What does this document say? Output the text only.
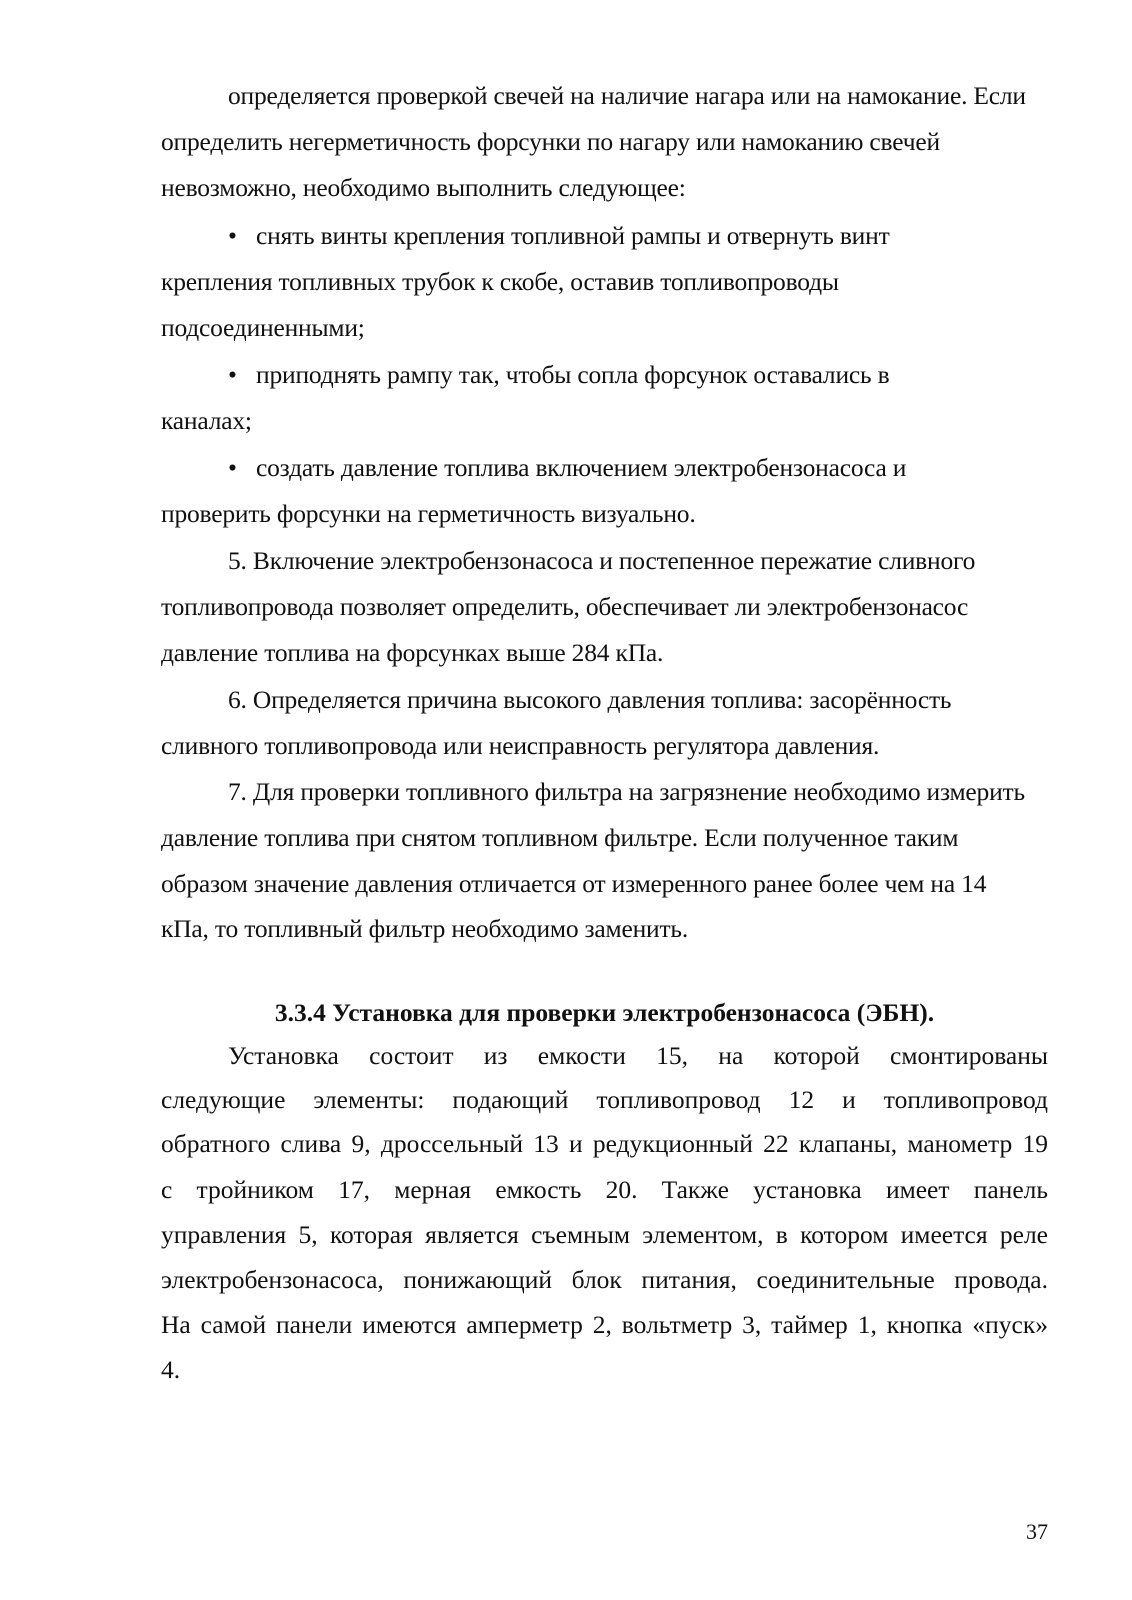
определяется проверкой свечей на наличие нагара или на намокание. Если
определить негерметичность форсунки по нагару или намоканию свечей
невозможно, необходимо выполнить следующее:
• снять винты крепления топливной рампы и отвернуть винт
крепления топливных трубок к скобе, оставив топливопроводы
подсоединенными;
• приподнять рампу так, чтобы сопла форсунок оставались в
каналах;
• создать давление топлива включением электробензонасоса и
проверить форсунки на герметичность визуально.
5. Включение электробензонасоса и постепенное пережатие сливного
топливопровода позволяет определить, обеспечивает ли электробензонасос
давление топлива на форсунках выше 284 кПа.
6. Определяется причина высокого давления топлива: засорённость
сливного топливопровода или неисправность регулятора давления.
7. Для проверки топливного фильтра на загрязнение необходимо измерить
давление топлива при снятом топливном фильтре. Если полученное таким
образом значение давления отличается от измеренного ранее более чем на 14
кПа, то топливный фильтр необходимо заменить.
3.3.4 Установка для проверки электробензонасоса (ЭБН).
Установка состоит из емкости 15, на которой смонтированы
следующие элементы: подающий топливопровод 12 и топливопровод
обратного слива 9, дроссельный 13 и редукционный 22 клапаны, манометр 19
с тройником 17, мерная емкость 20. Также установка имеет панель
управления 5, которая является съемным элементом, в котором имеется реле
электробензонасоса, понижающий блок питания, соединительные провода.
На самой панели имеются амперметр 2, вольтметр 3, таймер 1, кнопка «пуск»
4.
37
